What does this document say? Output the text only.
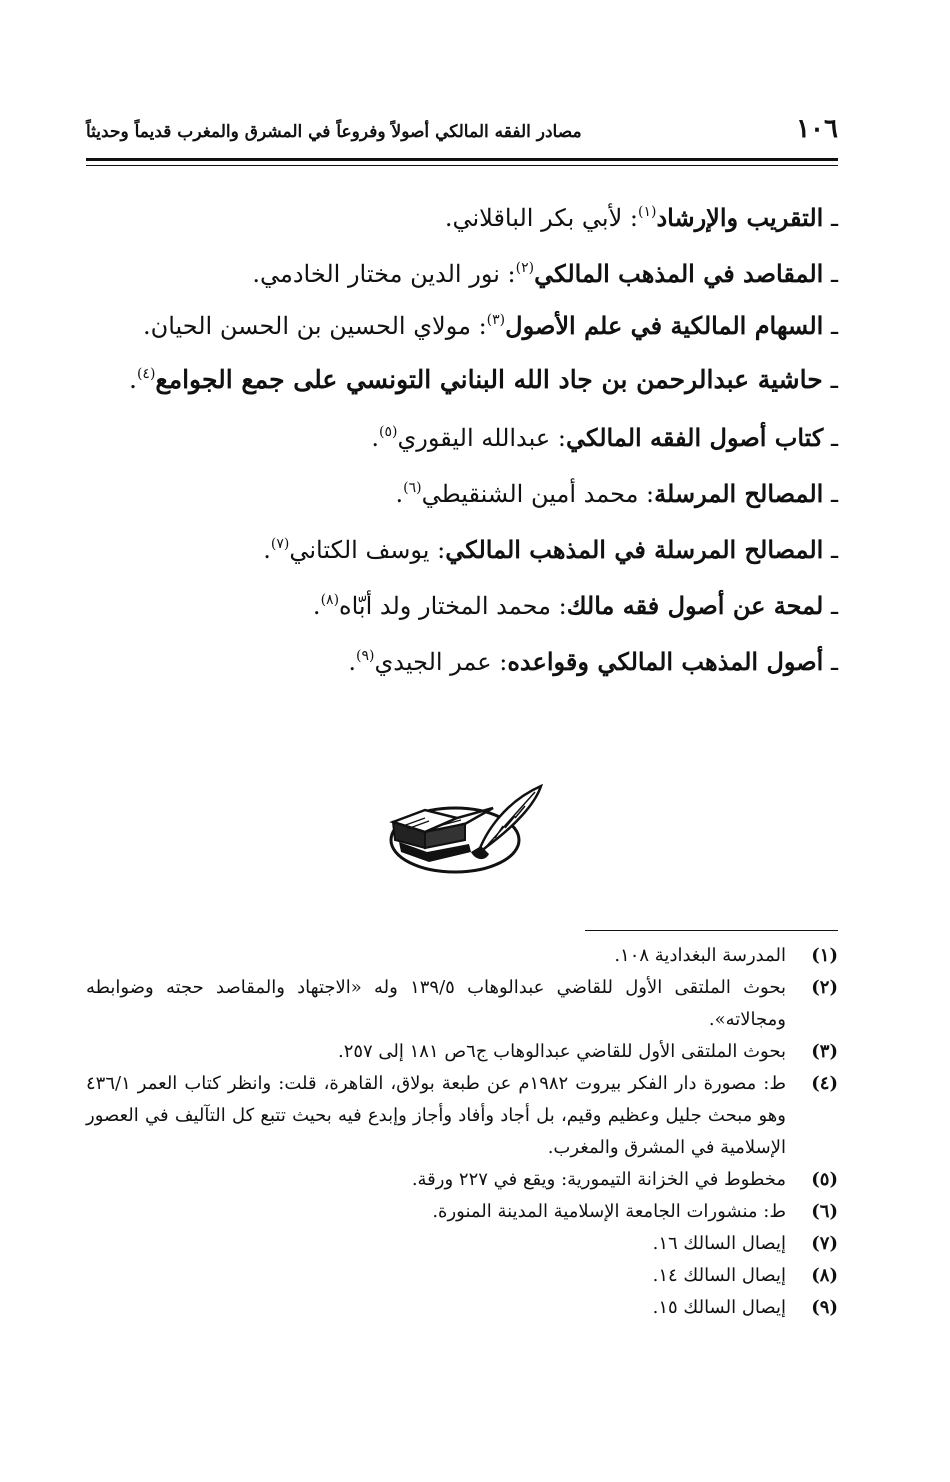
١٠٦
مصادر الفقه المالكي أصولاً وفروعاً في المشرق والمغرب قديماً وحديثاً

ـ التقريب والإرشاد$^{(١)}$: لأبي بكر الباقلاني.

ـ المقاصد في المذهب المالكي$^{(٢)}$: نور الدين مختار الخادمي.

ـ السهام المالكية في علم الأصول$^{(٣)}$: مولاي الحسين بن الحسن الحيان.

ـ حاشية عبدالرحمن بن جاد الله البناني التونسي على جمع الجوامع$^{(٤)}$.

ـ كتاب أصول الفقه المالكي: عبدالله اليقوري$^{(٥)}$.

ـ المصالح المرسلة: محمد أمين الشنقيطي$^{(٦)}$.

ـ المصالح المرسلة في المذهب المالكي: يوسف الكتاني$^{(٧)}$.

ـ لمحة عن أصول فقه مالك: محمد المختار ولد أبّاه$^{(٨)}$.

ـ أصول المذهب المالكي وقواعده: عمر الجيدي$^{(٩)}$.

(١)
المدرسة البغدادية ١٠٨.
(٢)
بحوث الملتقى الأول للقاضي عبدالوهاب ١٣٩/٥ وله «الاجتهاد والمقاصد حجته وضوابطه ومجالاته».
(٣)
بحوث الملتقى الأول للقاضي عبدالوهاب ج٦ص ١٨١ إلى ٢٥٧.
(٤)
ط: مصورة دار الفكر بيروت ١٩٨٢م عن طبعة بولاق، القاهرة، قلت: وانظر كتاب العمر ٤٣٦/١ وهو مبحث جليل وعظيم وقيم، بل أجاد وأفاد وأجاز وإبدع فيه بحيث تتبع كل التآليف في العصور الإسلامية في المشرق والمغرب.
(٥)
مخطوط في الخزانة التيمورية: ويقع في ٢٢٧ ورقة.
(٦)
ط: منشورات الجامعة الإسلامية المدينة المنورة.
(٧)
إيصال السالك ١٦.
(٨)
إيصال السالك ١٤.
(٩)
إيصال السالك ١٥.
